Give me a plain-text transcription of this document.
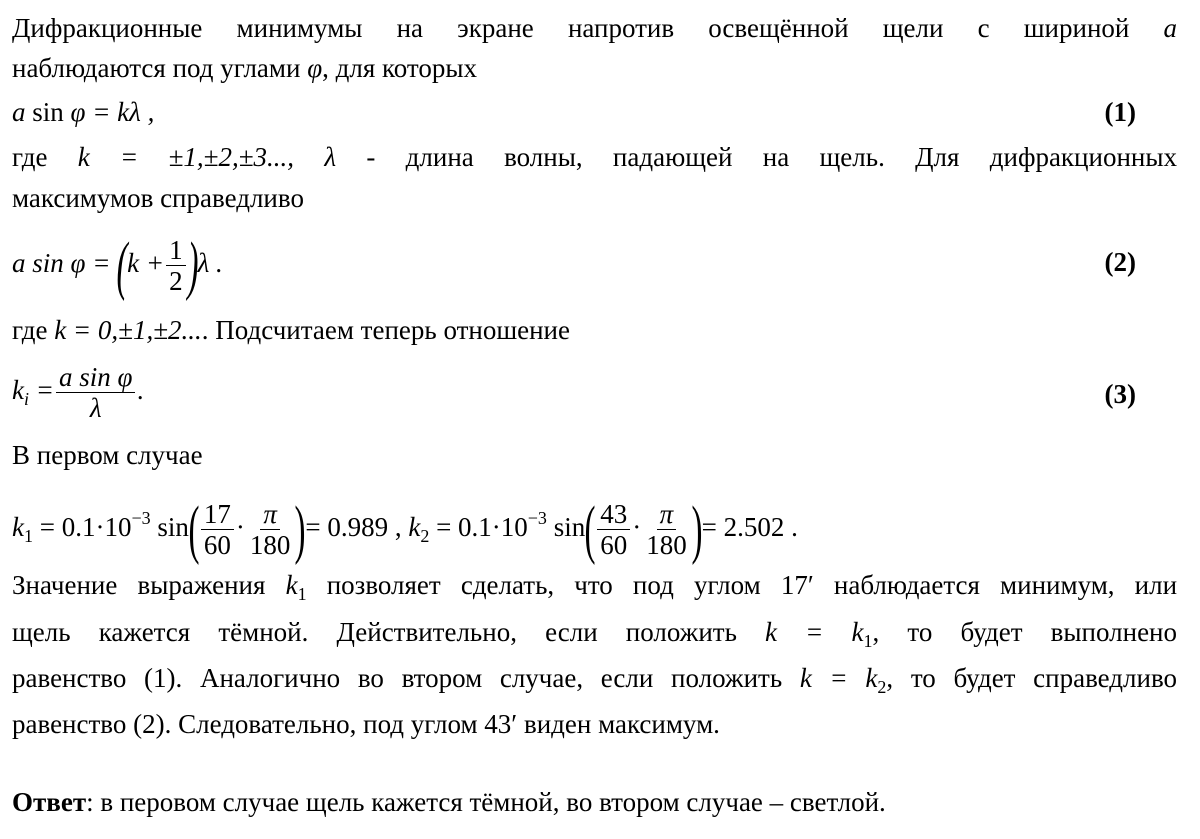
Дифракционные минимумы на экране напротив освещённой щели с шириной a
наблюдаются под углами φ, для которых
a sin φ = kλ ,	(1)
где k = ±1,±2,±3..., λ - длина волны, падающей на щель. Для дифракционных
максимумов справедливо
a $\sin \varphi = (k + \frac{1}{2} )\lambda$ .	(2)
где k = 0,±1,±2.... Подсчитаем теперь отношение
$k_i = \frac{\text{a sin φ}}{\lambda}$ .	(3)
В первом случае
$k_1 = 0.1\cdot 10^{-3}$ $\sin( \frac{17}{60} \cdot \frac{\pi}{180}$ )= 0.989 , $k_2 = 0.1\cdot 10^{-3}$ $\sin( \frac{43}{60} \cdot \frac{\pi}{180}$ )= 2.502 .
Значение выражения $k_1$ позволяет сделать, что под углом 17′ наблюдается минимум, или
щель кажется тёмной. Действительно, если положить $k = k_1$, то будет выполнено
равенство (1). Аналогично во втором случае, если положить $k = k_2$, то будет справедливо
равенство (2). Следовательно, под углом 43′ виден максимум.
Ответ: в перовом случае щель кажется тёмной, во втором случае – светлой.
